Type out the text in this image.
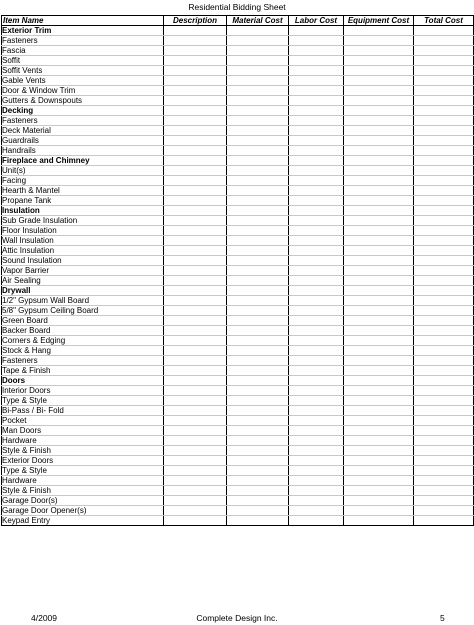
Residential Bidding Sheet
Item Name	Description	Material Cost	Labor Cost	Equipment Cost	Total Cost
Exterior Trim					
Fasteners					
Fascia					
Soffit					
Soffit Vents					
Gable Vents					
Door & Window Trim					
Gutters & Downspouts					
Decking					
Fasteners					
Deck Material					
Guardrails					
Handrails					
Fireplace and Chimney					
Unit(s)					
Facing					
Hearth & Mantel					
Propane Tank					
Insulation					
Sub Grade Insulation					
Floor Insulation					
Wall Insulation					
Attic Insulation					
Sound Insulation					
Vapor Barrier					
Air Sealing					
Drywall					
1/2" Gypsum Wall Board					
5/8" Gypsum Ceiling Board					
Green Board					
Backer Board					
Corners & Edging					
Stock & Hang					
Fasteners					
Tape & Finish					
Doors					
Interior Doors					
Type & Style					
Bi-Pass / Bi- Fold					
Pocket					
Man Doors					
Hardware					
Style & Finish					
Exterior Doors					
Type & Style					
Hardware					
Style & Finish					
Garage Door(s)					
Garage Door Opener(s)					
Keypad Entry					
4/2009	Complete Design Inc.	5
